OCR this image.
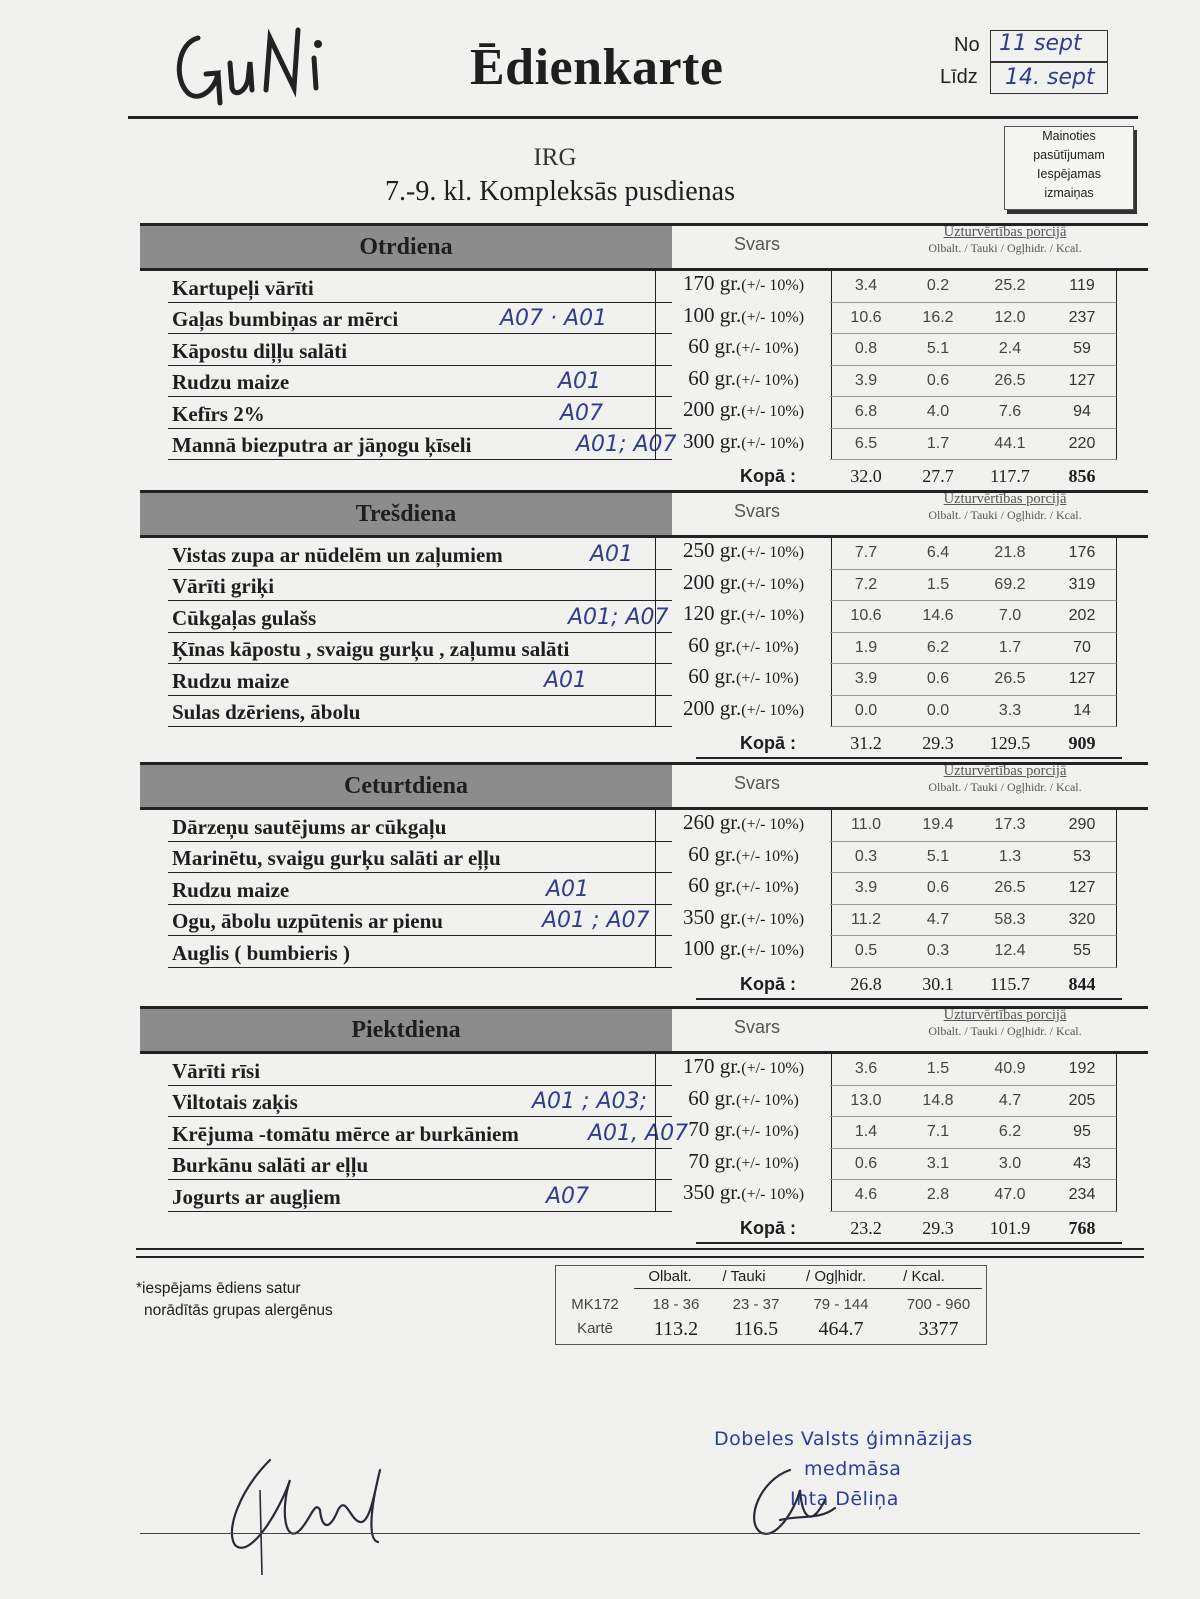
Ēdienkarte	No 11 sept
Līdz 14. sept
Mainoties
pasūtījumam
Iespējamas
izmaiņas
IRG
7.-9. kl. Kompleksās pusdienas
Otrdiena	Svars
Uzturvērtības porcijā
Olbalt. / Tauki / Ogļhidr. / Kcal.
Kartupeļi vārīti	170 gr.(+/- 10%)	3.4	0.2	25.2	119
Gaļas bumbiņas ar mērci	A07 · A01	100 gr.(+/- 10%)	10.6	16.2	12.0	237
Kāpostu diļļu salāti	60 gr.(+/- 10%)	0.8	5.1	2.4	59
Rudzu maize	A01	60 gr.(+/- 10%)	3.9	0.6	26.5	127
Kefīrs 2%	A07	200 gr.(+/- 10%)	6.8	4.0	7.6	94
Mannā biezputra ar jāņogu ķīseli	A01; A07 300 gr.(+/- 10%)	6.5	1.7	44.1	220
Kopā :	32.0	27.7	117.7	856
Trešdiena	Svars
Uzturvērtības porcijā
Olbalt. / Tauki / Ogļhidr. / Kcal.
Vistas zupa ar nūdelēm un zaļumiem	A01	250 gr.(+/- 10%)	7.7	6.4	21.8	176
Vārīti griķi	200 gr.(+/- 10%)	7.2	1.5	69.2	319
Cūkgaļas gulašs	A01; A07 120 gr.(+/- 10%)	10.6	14.6	7.0	202
Ķīnas kāpostu , svaigu gurķu , zaļumu salāti	60 gr.(+/- 10%)	1.9	6.2	1.7	70
Rudzu maize	A01	60 gr.(+/- 10%)	3.9	0.6	26.5	127
Sulas dzēriens, ābolu	200 gr.(+/- 10%)	0.0	0.0	3.3	14
Kopā :	31.2	29.3	129.5	909
Ceturtdiena	Svars
Uzturvērtības porcijā
Olbalt. / Tauki / Ogļhidr. / Kcal.
Dārzeņu sautējums ar cūkgaļu	260 gr.(+/- 10%)	11.0	19.4	17.3	290
Marinētu, svaigu gurķu salāti ar eļļu	60 gr.(+/- 10%)	0.3	5.1	1.3	53
Rudzu maize	A01	60 gr.(+/- 10%)	3.9	0.6	26.5	127
Ogu, ābolu uzpūtenis ar pienu	A01 ; A07	350 gr.(+/- 10%)	11.2	4.7	58.3	320
Auglis ( bumbieris )	100 gr.(+/- 10%)	0.5	0.3	12.4	55
Kopā :	26.8	30.1	115.7	844
Piektdiena	Svars
Uzturvērtības porcijā
Olbalt. / Tauki / Ogļhidr. / Kcal.
Vārīti rīsi	170 gr.(+/- 10%)	3.6	1.5	40.9	192
Viltotais zaķis	A01 ; A03;	60 gr.(+/- 10%)	13.0	14.8	4.7	205
Krējuma -tomātu mērce ar burkāniem	A01, A07 70 gr.(+/- 10%)	1.4	7.1	6.2	95
Burkānu salāti ar eļļu	70 gr.(+/- 10%)	0.6	3.1	3.0	43
Jogurts ar augļiem	A07	350 gr.(+/- 10%)	4.6	2.8	47.0	234
Kopā :	23.2	29.3	101.9	768
*iespējams ēdiens satur
norādītās grupas alergēnus
Olbalt.	/ Tauki	/ Ogļhidr.	/ Kcal.
MK172	18 - 36	23 - 37	79 - 144	700 - 960
Kartē	113.2	116.5	464.7	3377
Dobeles Valsts ģimnāzijas
medmāsa
Inta Dēliņa
